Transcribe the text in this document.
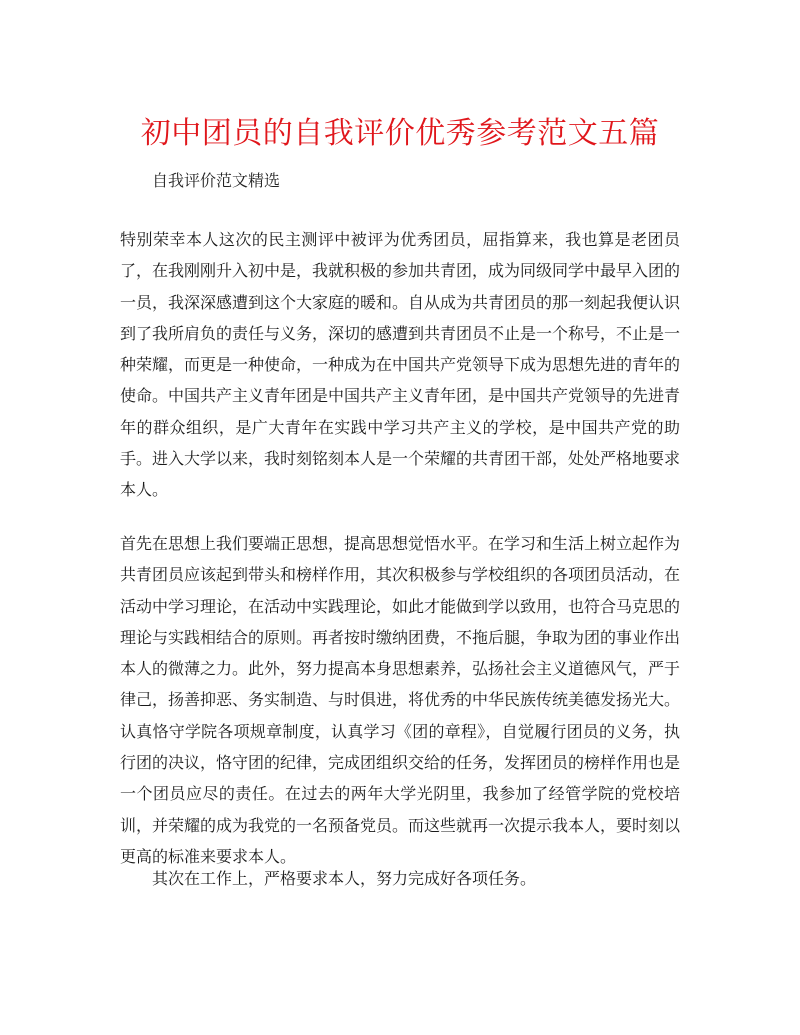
初中团员的自我评价优秀参考范文五篇

自我评价范文精选

特别荣幸本人这次的民主测评中被评为优秀团员，屈指算来，我也算是老团员了，在我刚刚升入初中是，我就积极的参加共青团，成为同级同学中最早入团的一员，我深深感遭到这个大家庭的暖和。自从成为共青团员的那一刻起我便认识到了我所肩负的责任与义务，深切的感遭到共青团员不止是一个称号，不止是一种荣耀，而更是一种使命，一种成为在中国共产党领导下成为思想先进的青年的使命。中国共产主义青年团是中国共产主义青年团，是中国共产党领导的先进青年的群众组织，是广大青年在实践中学习共产主义的学校，是中国共产党的助手。进入大学以来，我时刻铭刻本人是一个荣耀的共青团干部，处处严格地要求本人。

首先在思想上我们要端正思想，提高思想觉悟水平。在学习和生活上树立起作为共青团员应该起到带头和榜样作用，其次积极参与学校组织的各项团员活动，在活动中学习理论，在活动中实践理论，如此才能做到学以致用，也符合马克思的理论与实践相结合的原则。再者按时缴纳团费，不拖后腿，争取为团的事业作出本人的微薄之力。此外，努力提高本身思想素养，弘扬社会主义道德风气，严于律己，扬善抑恶、务实制造、与时俱进，将优秀的中华民族传统美德发扬光大。认真恪守学院各项规章制度，认真学习《团的章程》，自觉履行团员的义务，执行团的决议，恪守团的纪律，完成团组织交给的任务，发挥团员的榜样作用也是一个团员应尽的责任。在过去的两年大学光阴里，我参加了经管学院的党校培训，并荣耀的成为我党的一名预备党员。而这些就再一次提示我本人，要时刻以更高的标准来要求本人。

其次在工作上，严格要求本人，努力完成好各项任务。
